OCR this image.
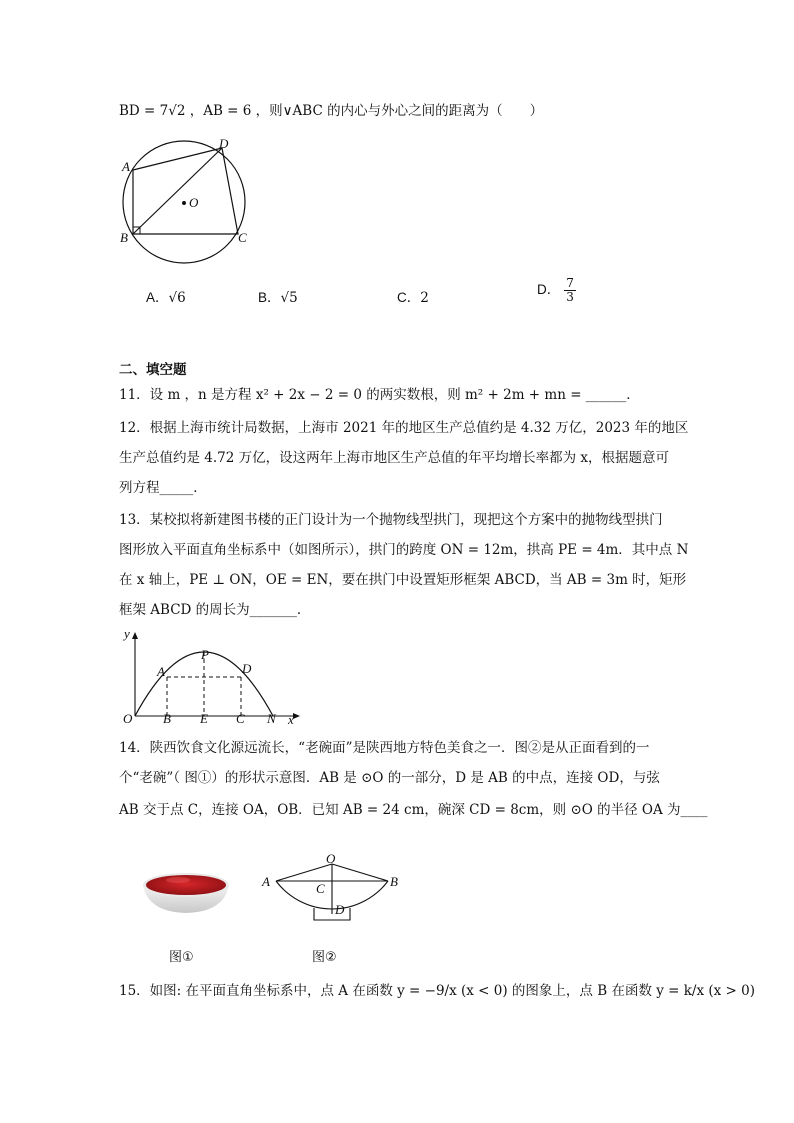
BD = 7√2 ，AB = 6 ，则∨ABC 的内心与外心之间的距离为（　　）
A
D
O
B	C
A．√6	B．√5	C．2
D． $\frac{7}{3}$
二、填空题
11．设 m ，n 是方程 x² + 2x − 2 = 0 的两实数根，则 m² + 2m + mn = ______．
12．根据上海市统计局数据，上海市 2021 年的地区生产总值约是 4.32 万亿，2023 年的地区
生产总值约是 4.72 万亿，设这两年上海市地区生产总值的年平均增长率都为 x，根据题意可
列方程_____．
13．某校拟将新建图书楼的正门设计为一个抛物线型拱门，现把这个方案中的抛物线型拱门
图形放入平面直角坐标系中（如图所示），拱门的跨度 ON = 12m，拱高 PE = 4m．其中点 N
在 x 轴上，PE ⊥ ON，OE = EN，要在拱门中设置矩形框架 ABCD，当 AB = 3m 时，矩形
框架 ABCD 的周长为_______．
y
x
O B E C N
A
P
D
14．陕西饮食文化源远流长，“老碗面”是陕西地方特色美食之一．图②是从正面看到的一
个“老碗”（ 图①）的形状示意图．AB 是 ⊙O 的一部分，D 是 AB 的中点，连接 OD，与弦
AB 交于点 C，连接 OA，OB．已知 AB = 24 cm，碗深 CD = 8cm，则 ⊙O 的半径 OA 为____
O
A	B
C
D
图①	图②
15．如图: 在平面直角坐标系中，点 A 在函数 y = −9/x (x < 0) 的图象上，点 B 在函数 y = k/x (x > 0)
